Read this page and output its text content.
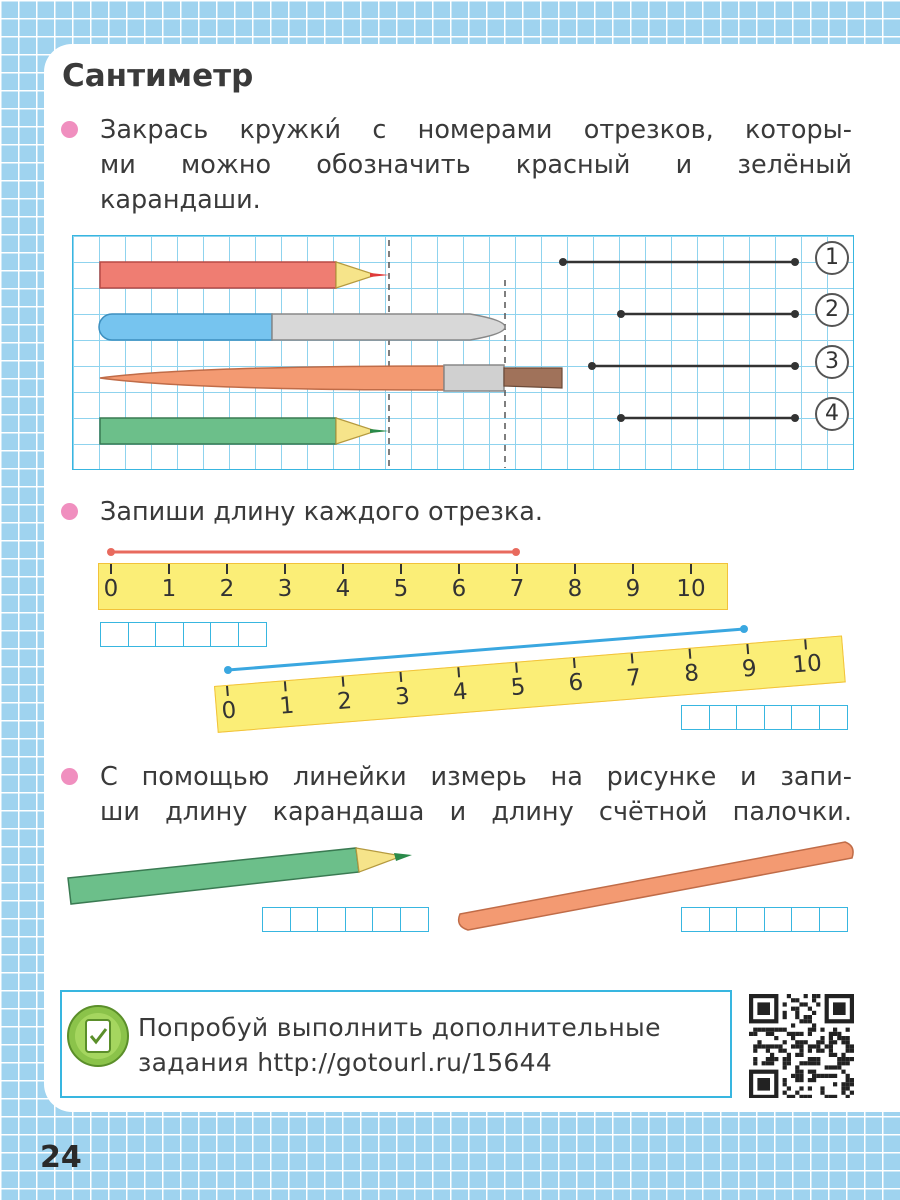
Сантиметр
Закрась кружки́ с номерами отрезков, которы-
ми можно обозначить красный и зелёный
карандаши.
1
2
3
4
Запиши длину каждого отрезка.
0 1 2 3 4 5 6 7 8 9 10
0 1 2 3 4 5 6 7 8 9 10
С помощью линейки измерь на рисунке и запи-
ши длину карандаша и длину счётной палочки.
Попробуй выполнить дополнительные
задания http://gotourl.ru/15644
24
